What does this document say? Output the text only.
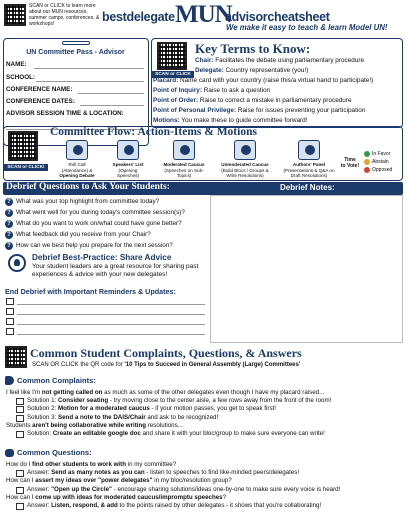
SCAN or CLICK to learn more about our MUN resources, summer camps, conferences, & workshops!	bestdelegate MUN
advisorcheatsheet
We make it easy to teach & learn Model UN!
UN Committee Pass - Advisor
NAME:
SCHOOL:
CONFERENCE NAME:
CONFERENCE DATES:
ADVISOR SESSION TIME & LOCATION:
SCAN or CLICK
Key Terms to Know:
Chair: Facilitates the debate using parliamentary procedure
Delegate: Country representative (you!)
Placard: Name card with your country (raise this/a virtual hand to participate!)
Point of Inquiry: Raise to ask a question
Point of Order: Raise to correct a mistake in parliamentary procedure
Point of Personal Privilege: Raise for issues preventing your participation
Motions: You make these to guide committee forward!
SCAN or CLICK!
Committee Flow: Action-Items & Motions
Roll Call (Attendance) &
Opening Debate
Speakers' List
(Opening Speeches)
Moderated Caucus
(Speeches on Sub-Topics)
Unmoderated Caucus
(Build Blocs / Groups & Write Resolutions)
Authors' Panel
(Presentations & Q&A on Draft Resolutions)
Time
to Vote!
In Favor
Abstain
Opposed
Debrief Questions to Ask Your Students:	Debrief Notes:
? What was your top highlight from committee today?
? What went well for you during today's committee session(s)?
? What do you want to work on/what could have gone better?
? What feedback did you receive from your Chair?
? How can we best help you prepare for the next session?
Debrief Best-Practice: Share Advice
Your student leaders are a great resource for sharing past experiences & advice with your new delegates!
End Debrief with Important Reminders & Updates:
Common Student Complaints, Questions, & Answers
SCAN OR CLICK the QR code for '10 Tips to Succeed in General Assembly (Large) Committees'
Common Complaints:
I feel like I'm not getting called on as much as some of the other delegates even though I have my placard raised...
Solution 1: Consider seating - try moving close to the center aisle, a few rows away from the front of the room!
Solution 2: Motion for a moderated caucus - if your motion passes, you get to speak first!
Solution 3: Send a note to the DAIS/Chair and ask to be recognized!
Students aren't being collaborative while writing resolutions...
Solution: Create an editable google doc and share it with your bloc/group to make sure everyone can write!
Common Questions:
How do I find other students to work with in my committee?
Answer: Send as many notes as you can - listen to speeches to find like-minded peers/delegates!
How can I assert my ideas over "power delegates" in my bloc/resolution group?
Answer: "Open up the Circle" - encourage sharing solutions/ideas one-by-one to make sure every voice is heard!
How can I come up with ideas for moderated caucus/impromptu speeches ?
Answer: Listen, respond, & add to the points raised by other delegates - it shows that you're collaborating!
